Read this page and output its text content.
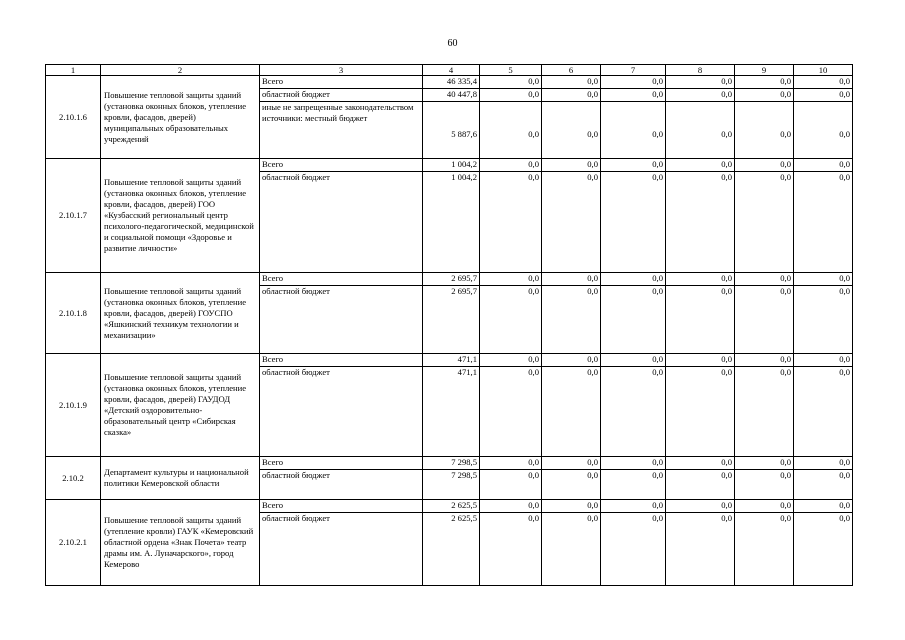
60
1	2	3	4	5	6	7	8	9	10
2.10.1.6	Повышение тепловой защиты зданий (установка оконных блоков, утепление кровли, фасадов, дверей) муниципальных образовательных учреждений	Всего	46 335,4	0,0	0,0	0,0	0,0	0,0	0,0
		областной бюджет	40 447,8	0,0	0,0	0,0	0,0	0,0	0,0
		иные не запрещенные законодательством источники: местный бюджет	5 887,6	0,0	0,0	0,0	0,0	0,0	0,0
2.10.1.7	Повышение тепловой защиты зданий (установка оконных блоков, утепление кровли, фасадов, дверей) ГОО «Кузбасский региональный центр психолого-педагогической, медицинской и социальной помощи «Здоровье и развитие личности»	Всего	1 004,2	0,0	0,0	0,0	0,0	0,0	0,0
		областной бюджет	1 004,2	0,0	0,0	0,0	0,0	0,0	0,0
2.10.1.8	Повышение тепловой защиты зданий (установка оконных блоков, утепление кровли, фасадов, дверей) ГОУСПО «Яшкинский техникум технологии и механизации»	Всего	2 695,7	0,0	0,0	0,0	0,0	0,0	0,0
		областной бюджет	2 695,7	0,0	0,0	0,0	0,0	0,0	0,0
2.10.1.9	Повышение тепловой защиты зданий (установка оконных блоков, утепление кровли, фасадов, дверей) ГАУДОД «Детский оздоровительно-образовательный центр «Сибирская сказка»	Всего	471,1	0,0	0,0	0,0	0,0	0,0	0,0
		областной бюджет	471,1	0,0	0,0	0,0	0,0	0,0	0,0
2.10.2	Департамент культуры и национальной политики Кемеровской области	Всего	7 298,5	0,0	0,0	0,0	0,0	0,0	0,0
		областной бюджет	7 298,5	0,0	0,0	0,0	0,0	0,0	0,0
2.10.2.1	Повышение тепловой защиты зданий (утепление кровли) ГАУК «Кемеровский областной ордена «Знак Почета» театр драмы им. А. Луначарского», город Кемерово	Всего	2 625,5	0,0	0,0	0,0	0,0	0,0	0,0
		областной бюджет	2 625,5	0,0	0,0	0,0	0,0	0,0	0,0
